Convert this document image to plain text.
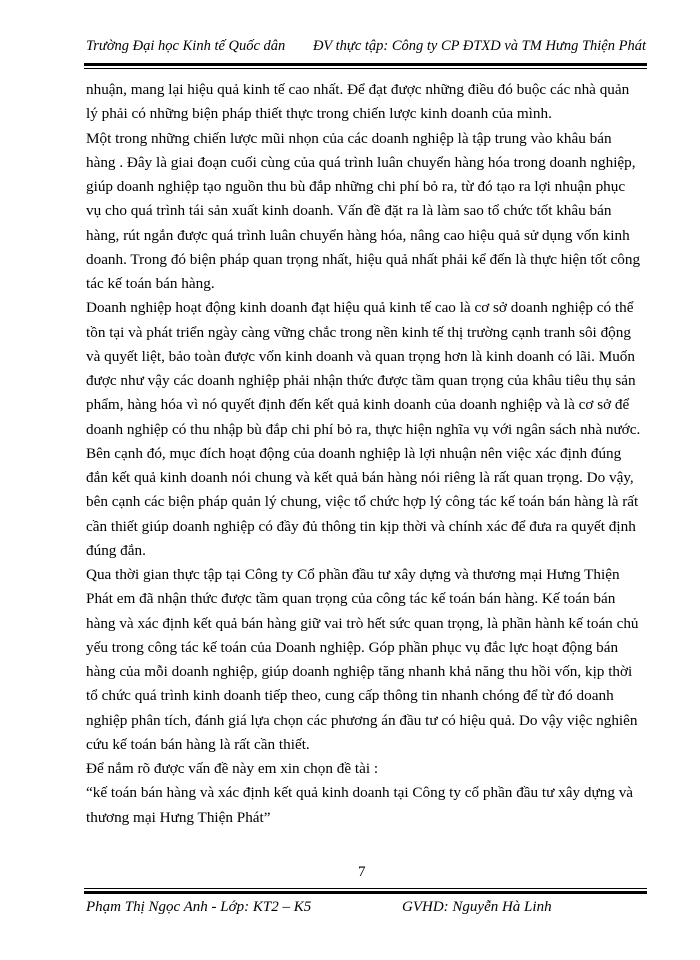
Trường Đại học Kinh tế Quốc dân ĐV thực tập: Công ty CP ĐTXD và TM Hưng Thiện Phát
nhuận, mang lại hiệu quả kinh tế cao nhất. Để đạt được những điều đó buộc các nhà quản
lý phải có những biện pháp thiết thực trong chiến lược kinh doanh của mình.
Một trong những chiến lược mũi nhọn của các doanh nghiệp là tập trung vào khâu bán
hàng . Đây là giai đoạn cuối cùng của quá trình luân chuyển hàng hóa trong doanh nghiệp,
giúp doanh nghiệp tạo nguồn thu bù đắp những chi phí bỏ ra, từ đó tạo ra lợi nhuận phục
vụ cho quá trình tái sản xuất kinh doanh. Vấn đề đặt ra là làm sao tổ chức tốt khâu bán
hàng, rút ngắn được quá trình luân chuyển hàng hóa, nâng cao hiệu quả sử dụng vốn kinh
doanh. Trong đó biện pháp quan trọng nhất, hiệu quả nhất phải kể đến là thực hiện tốt công
tác kế toán bán hàng.
Doanh nghiệp hoạt động kinh doanh đạt hiệu quả kinh tế cao là cơ sở doanh nghiệp có thể
tồn tại và phát triển ngày càng vững chắc trong nền kinh tế thị trường cạnh tranh sôi động
và quyết liệt, bảo toàn được vốn kinh doanh và quan trọng hơn là kinh doanh có lãi. Muốn
được như vậy các doanh nghiệp phải nhận thức được tầm quan trọng của khâu tiêu thụ sản
phẩm, hàng hóa vì nó quyết định đến kết quả kinh doanh của doanh nghiệp và là cơ sở để
doanh nghiệp có thu nhập bù đắp chi phí bỏ ra, thực hiện nghĩa vụ với ngân sách nhà nước.
Bên cạnh đó, mục đích hoạt động của doanh nghiệp là lợi nhuận nên việc xác định đúng
đắn kết quả kinh doanh nói chung và kết quả bán hàng nói riêng là rất quan trọng. Do vậy,
bên cạnh các biện pháp quản lý chung, việc tổ chức hợp lý công tác kế toán bán hàng là rất
cần thiết giúp doanh nghiệp có đầy đủ thông tin kịp thời và chính xác để đưa ra quyết định
đúng đắn.
Qua thời gian thực tập tại Công ty Cổ phần đầu tư xây dựng và thương mại Hưng Thiện
Phát em đã nhận thức được tầm quan trọng của công tác kế toán bán hàng. Kế toán bán
hàng và xác định kết quả bán hàng giữ vai trò hết sức quan trọng, là phần hành kế toán chủ
yếu trong công tác kế toán của Doanh nghiệp. Góp phần phục vụ đắc lực hoạt động bán
hàng của mỗi doanh nghiệp, giúp doanh nghiệp tăng nhanh khả năng thu hồi vốn, kịp thời
tổ chức quá trình kinh doanh tiếp theo, cung cấp thông tin nhanh chóng để từ đó doanh
nghiệp phân tích, đánh giá lựa chọn các phương án đầu tư có hiệu quả. Do vậy việc nghiên
cứu kế toán bán hàng là rất cần thiết.
Để nắm rõ được vấn đề này em xin chọn đề tài :
“kế toán bán hàng và xác định kết quả kinh doanh tại Công ty cổ phần đầu tư xây dựng và
thương mại Hưng Thiện Phát”
7
Phạm Thị Ngọc Anh - Lớp: KT2 – K5	GVHD: Nguyễn Hà Linh
